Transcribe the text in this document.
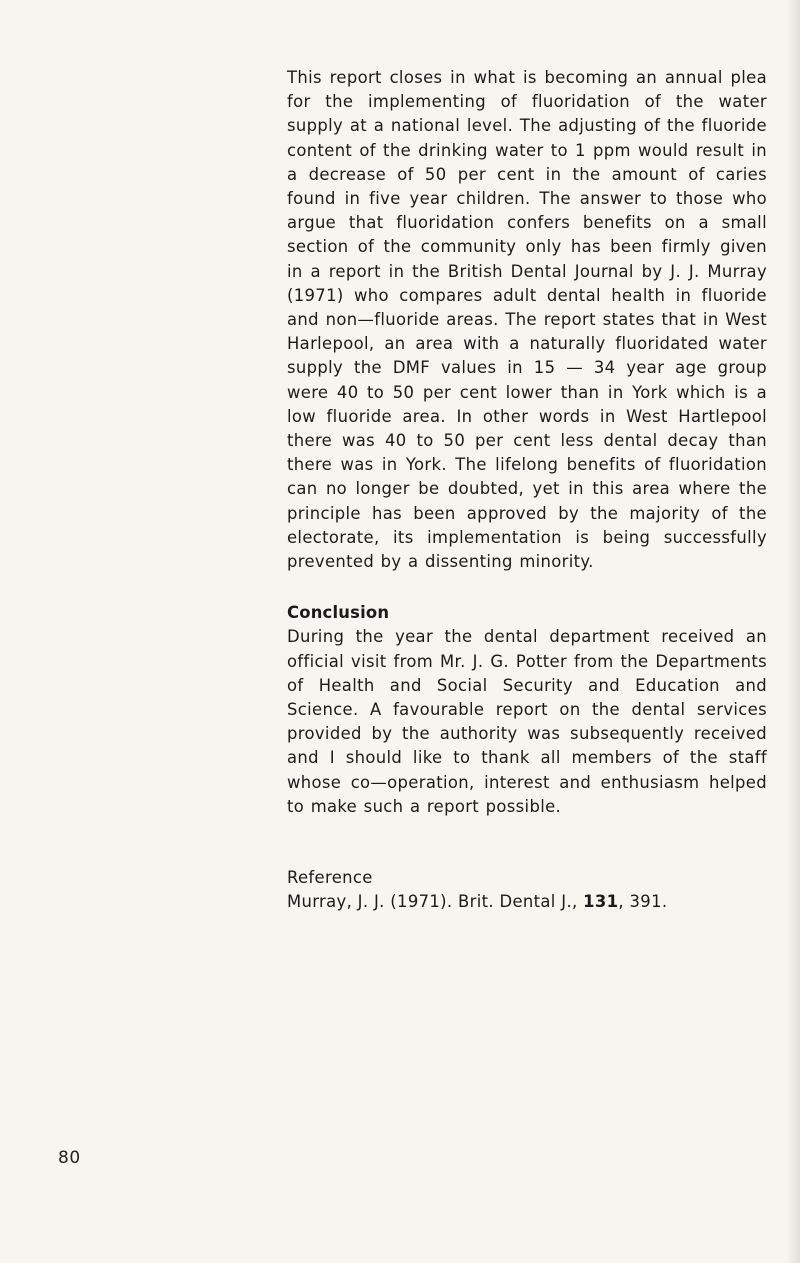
This report closes in what is becoming an annual plea for the implementing of fluoridation of the water supply at a national level. The adjusting of the fluoride content of the drinking water to 1 ppm would result in a decrease of 50 per cent in the amount of caries found in five year children. The answer to those who argue that fluoridation confers benefits on a small section of the community only has been firmly given in a report in the British Dental Journal by J. J. Murray (1971) who compares adult dental health in fluoride and non—fluoride areas. The report states that in West Harlepool, an area with a naturally fluoridated water supply the DMF values in 15 — 34 year age group were 40 to 50 per cent lower than in York which is a low fluoride area. In other words in West Hartlepool there was 40 to 50 per cent less dental decay than there was in York. The lifelong benefits of fluoridation can no longer be doubted, yet in this area where the principle has been approved by the majority of the electorate, its implementation is being successfully prevented by a dissenting minority.

Conclusion

During the year the dental department received an official visit from Mr. J. G. Potter from the Departments of Health and Social Security and Education and Science. A favourable report on the dental services provided by the authority was subsequently received and I should like to thank all members of the staff whose co—operation, interest and enthusiasm helped to make such a report possible.

Reference

Murray, J. J. (1971). Brit. Dental J., 131, 391.

80
